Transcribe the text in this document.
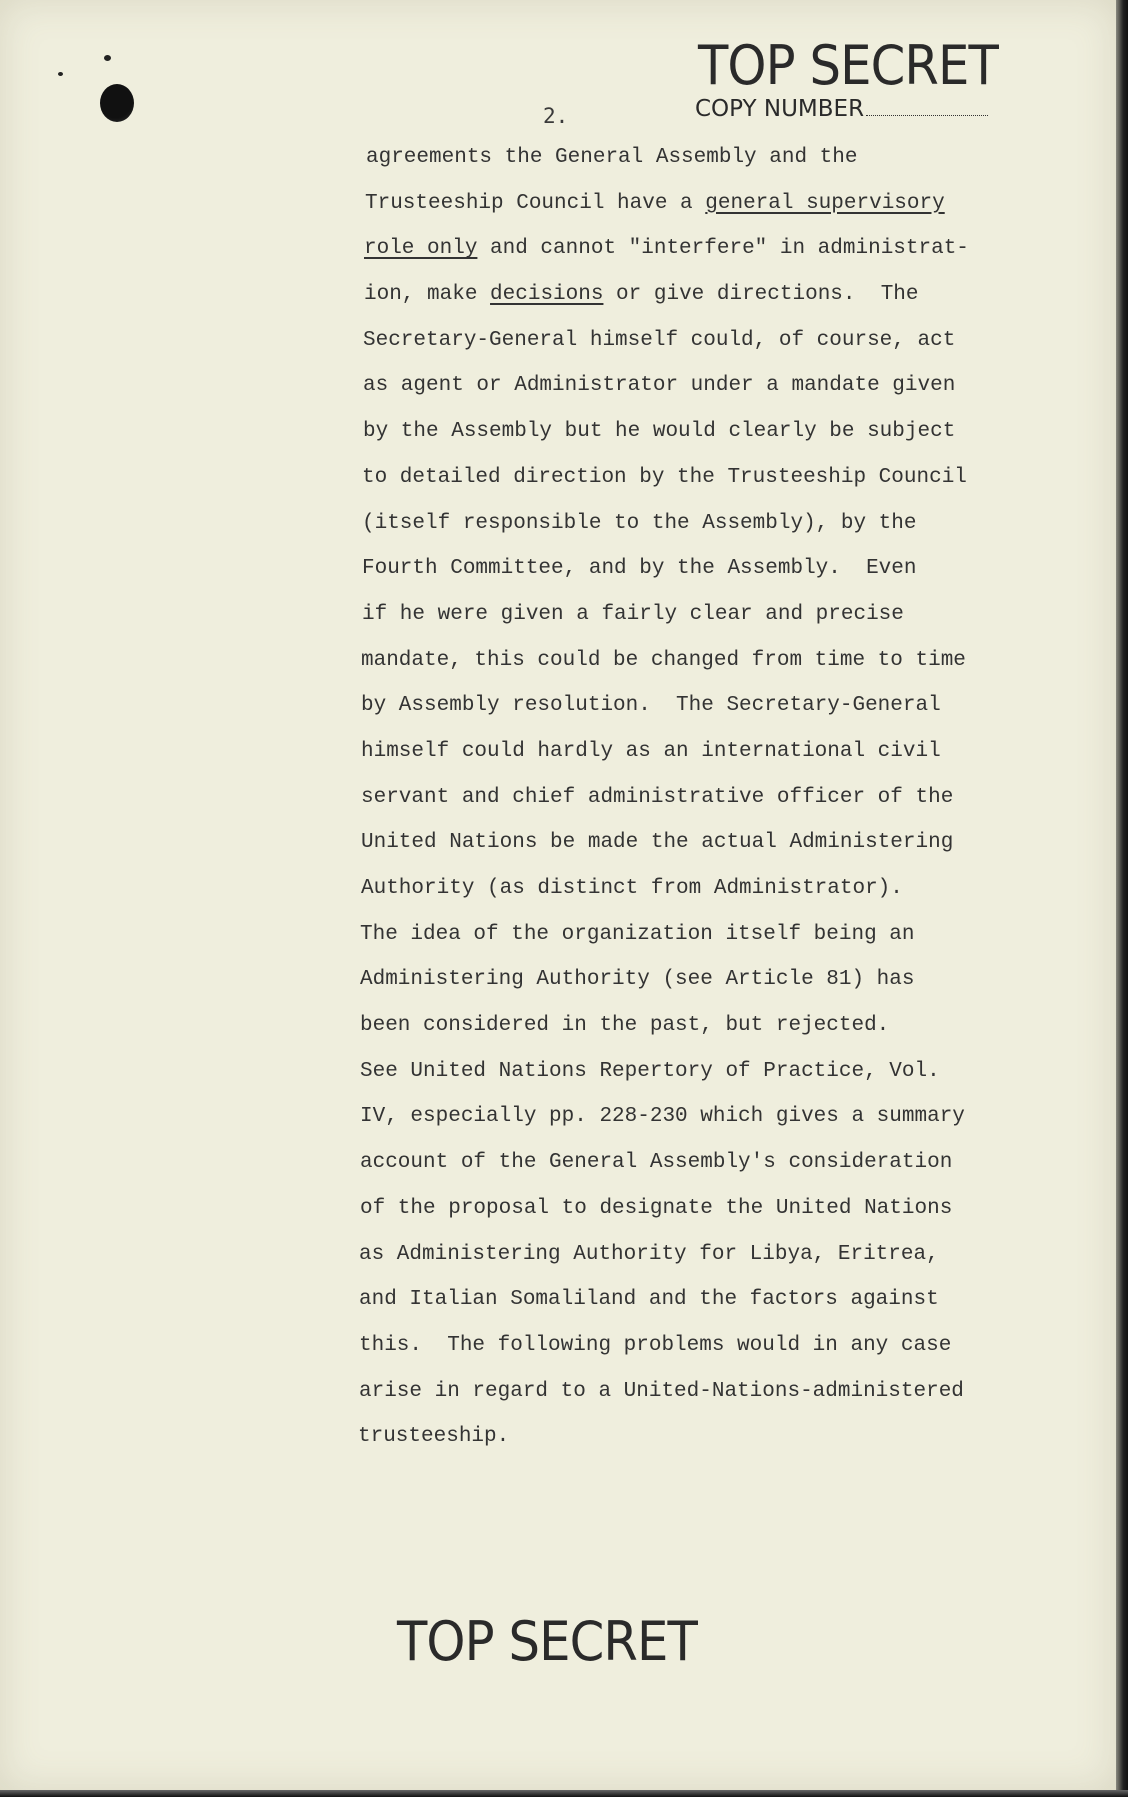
TOP SECRET
COPY NUMBER
2.
agreements the General Assembly and the
Trusteeship Council have a general supervisory
role only and cannot "interfere" in administrat-
ion, make decisions or give directions.  The
Secretary-General himself could, of course, act
as agent or Administrator under a mandate given
by the Assembly but he would clearly be subject
to detailed direction by the Trusteeship Council
(itself responsible to the Assembly), by the
Fourth Committee, and by the Assembly.  Even
if he were given a fairly clear and precise
mandate, this could be changed from time to time
by Assembly resolution.  The Secretary-General
himself could hardly as an international civil
servant and chief administrative officer of the
United Nations be made the actual Administering
Authority (as distinct from Administrator).
The idea of the organization itself being an
Administering Authority (see Article 81) has
been considered in the past, but rejected.
See United Nations Repertory of Practice, Vol.
IV, especially pp. 228-230 which gives a summary
account of the General Assembly's consideration
of the proposal to designate the United Nations
as Administering Authority for Libya, Eritrea,
and Italian Somaliland and the factors against
this.  The following problems would in any case
arise in regard to a United-Nations-administered
trusteeship.
TOP SECRET
